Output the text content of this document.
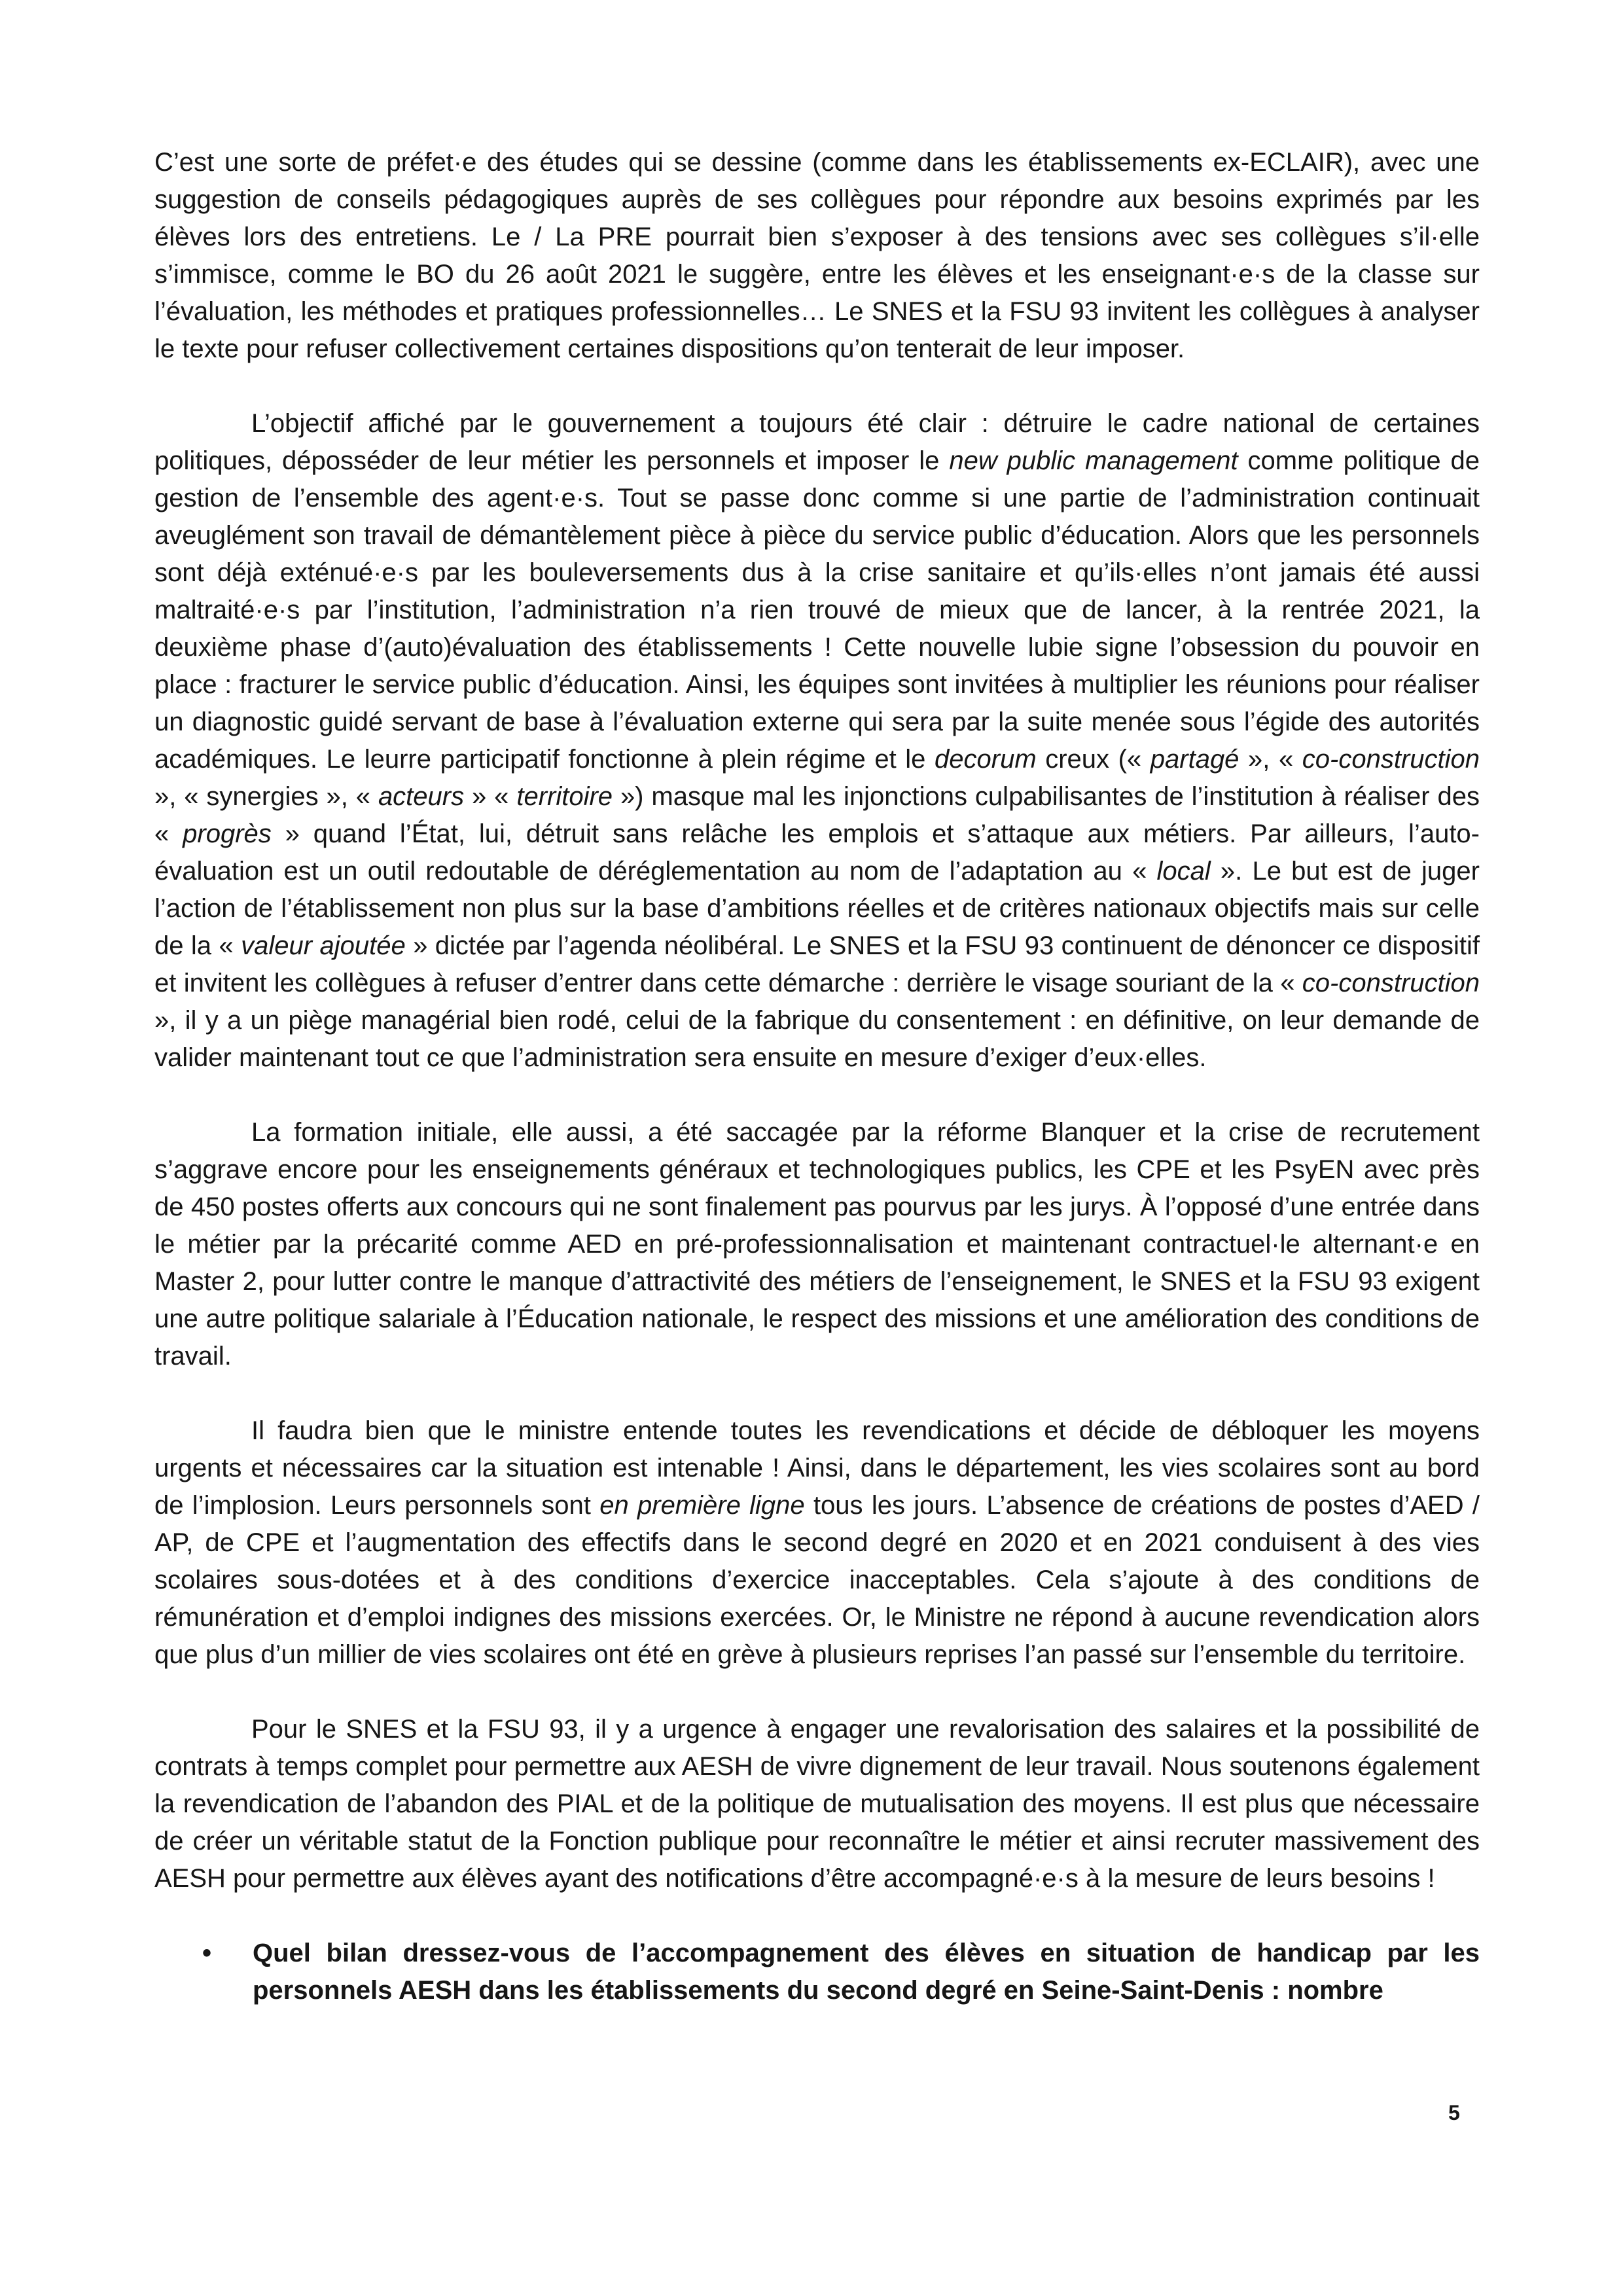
C’est une sorte de préfet·e des études qui se dessine (comme dans les établissements ex-ECLAIR), avec une suggestion de conseils pédagogiques auprès de ses collègues pour répondre aux besoins exprimés par les élèves lors des entretiens. Le / La PRE pourrait bien s’exposer à des tensions avec ses collègues s’il·elle s’immisce, comme le BO du 26 août 2021 le suggère, entre les élèves et les enseignant·e·s de la classe sur l’évaluation, les méthodes et pratiques professionnelles… Le SNES et la FSU 93 invitent les collègues à analyser le texte pour refuser collectivement certaines dispositions qu’on tenterait de leur imposer.

L’objectif affiché par le gouvernement a toujours été clair : détruire le cadre national de certaines politiques, déposséder de leur métier les personnels et imposer le new public management comme politique de gestion de l’ensemble des agent·e·s. Tout se passe donc comme si une partie de l’administration continuait aveuglément son travail de démantèlement pièce à pièce du service public d’éducation. Alors que les personnels sont déjà exténué·e·s par les bouleversements dus à la crise sanitaire et qu’ils·elles n’ont jamais été aussi maltraité·e·s par l’institution, l’administration n’a rien trouvé de mieux que de lancer, à la rentrée 2021, la deuxième phase d’(auto)évaluation des établissements ! Cette nouvelle lubie signe l’obsession du pouvoir en place : fracturer le service public d’éducation. Ainsi, les équipes sont invitées à multiplier les réunions pour réaliser un diagnostic guidé servant de base à l’évaluation externe qui sera par la suite menée sous l’égide des autorités académiques. Le leurre participatif fonctionne à plein régime et le decorum creux (« partagé », « co-construction », « synergies », « acteurs » « territoire ») masque mal les injonctions culpabilisantes de l’institution à réaliser des « progrès » quand l’État, lui, détruit sans relâche les emplois et s’attaque aux métiers. Par ailleurs, l’auto-évaluation est un outil redoutable de déréglementation au nom de l’adaptation au « local ». Le but est de juger l’action de l’établissement non plus sur la base d’ambitions réelles et de critères nationaux objectifs mais sur celle de la « valeur ajoutée » dictée par l’agenda néolibéral. Le SNES et la FSU 93 continuent de dénoncer ce dispositif et invitent les collègues à refuser d’entrer dans cette démarche : derrière le visage souriant de la « co-construction », il y a un piège managérial bien rodé, celui de la fabrique du consentement : en définitive, on leur demande de valider maintenant tout ce que l’administration sera ensuite en mesure d’exiger d’eux·elles.

La formation initiale, elle aussi, a été saccagée par la réforme Blanquer et la crise de recrutement s’aggrave encore pour les enseignements généraux et technologiques publics, les CPE et les PsyEN avec près de 450 postes offerts aux concours qui ne sont finalement pas pourvus par les jurys. À l’opposé d’une entrée dans le métier par la précarité comme AED en pré-professionnalisation et maintenant contractuel·le alternant·e en Master 2, pour lutter contre le manque d’attractivité des métiers de l’enseignement, le SNES et la FSU 93 exigent une autre politique salariale à l’Éducation nationale, le respect des missions et une amélioration des conditions de travail.

Il faudra bien que le ministre entende toutes les revendications et décide de débloquer les moyens urgents et nécessaires car la situation est intenable ! Ainsi, dans le département, les vies scolaires sont au bord de l’implosion. Leurs personnels sont en première ligne tous les jours. L’absence de créations de postes d’AED / AP, de CPE et l’augmentation des effectifs dans le second degré en 2020 et en 2021 conduisent à des vies scolaires sous-dotées et à des conditions d’exercice inacceptables. Cela s’ajoute à des conditions de rémunération et d’emploi indignes des missions exercées. Or, le Ministre ne répond à aucune revendication alors que plus d’un millier de vies scolaires ont été en grève à plusieurs reprises l’an passé sur l’ensemble du territoire.

Pour le SNES et la FSU 93, il y a urgence à engager une revalorisation des salaires et la possibilité de contrats à temps complet pour permettre aux AESH de vivre dignement de leur travail. Nous soutenons également la revendication de l’abandon des PIAL et de la politique de mutualisation des moyens. Il est plus que nécessaire de créer un véritable statut de la Fonction publique pour reconnaître le métier et ainsi recruter massivement des AESH pour permettre aux élèves ayant des notifications d’être accompagné·e·s à la mesure de leurs besoins !

• Quel bilan dressez-vous de l’accompagnement des élèves en situation de handicap par les personnels AESH dans les établissements du second degré en Seine-Saint-Denis : nombre
5
